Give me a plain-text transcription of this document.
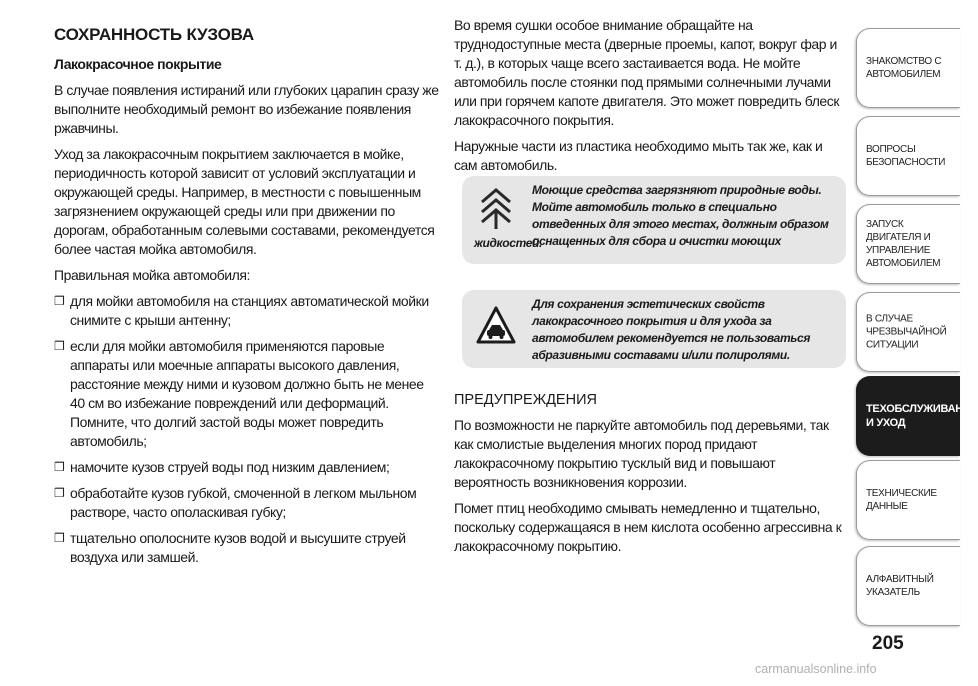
СОХРАННОСТЬ КУЗОВА
Лакокрасочное покрытие

В случае появления истираний или глубоких царапин сразу же выполните необходимый ремонт во избежание появления ржавчины.

Уход за лакокрасочным покрытием заключается в мойке, периодичность которой зависит от условий эксплуатации и окружающей среды. Например, в местности с повышенным загрязнением окружающей среды или при движении по дорогам, обработанным солевыми составами, рекомендуется более частая мойка автомобиля.

Правильная мойка автомобиля:

❒ для мойки автомобиля на станциях автоматической мойки снимите с крыши антенну;
❒ если для мойки автомобиля применяются паровые аппараты или моечные аппараты высокого давления, расстояние между ними и кузовом должно быть не менее 40 см во избежание повреждений или деформаций. Помните, что долгий застой воды может повредить автомобиль;
❒ намочите кузов струей воды под низким давлением;
❒ обработайте кузов губкой, смоченной в легком мыльном растворе, часто ополаскивая губку;
❒ тщательно ополосните кузов водой и высушите струей воздуха или замшей.

Во время сушки особое внимание обращайте на труднодоступные места (дверные проемы, капот, вокруг фар и т. д.), в которых чаще всего застаивается вода. Не мойте автомобиль после стоянки под прямыми солнечными лучами или при горячем капоте двигателя. Это может повредить блеск лакокрасочного покрытия.

Наружные части из пластика необходимо мыть так же, как и сам автомобиль.

Моющие средства загрязняют природные воды. Мойте автомобиль только в специально отведенных для этого местах, должным образом оснащенных для сбора и очистки моющих
жидкостей.
Для сохранения эстетических свойств лакокрасочного покрытия и для ухода за автомобилем рекомендуется не пользоваться абразивными составами и/или полиролями.
ПРЕДУПРЕЖДЕНИЯ

По возможности не паркуйте автомобиль под деревьями, так как смолистые выделения многих пород придают лакокрасочному покрытию тусклый вид и повышают вероятность возникновения коррозии.

Помет птиц необходимо смывать немедленно и тщательно, поскольку содержащаяся в нем кислота особенно агрессивна к лакокрасочному покрытию.

ЗНАКОМСТВО С
АВТОМОБИЛЕМ
ВОПРОСЫ
БЕЗОПАСНОСТИ
ЗАПУСК ДВИГАТЕЛЯ И
УПРАВЛЕНИЕ
АВТОМОБИЛЕМ
В СЛУЧАЕ
ЧРЕЗВЫЧАЙНОЙ
СИТУАЦИИ
ТЕХОБСЛУЖИВАНИЕ
И УХОД
ТЕХНИЧЕСКИЕ
ДАННЫЕ
АЛФАВИТНЫЙ
УКАЗАТЕЛЬ
205
carmanualsonline.info
